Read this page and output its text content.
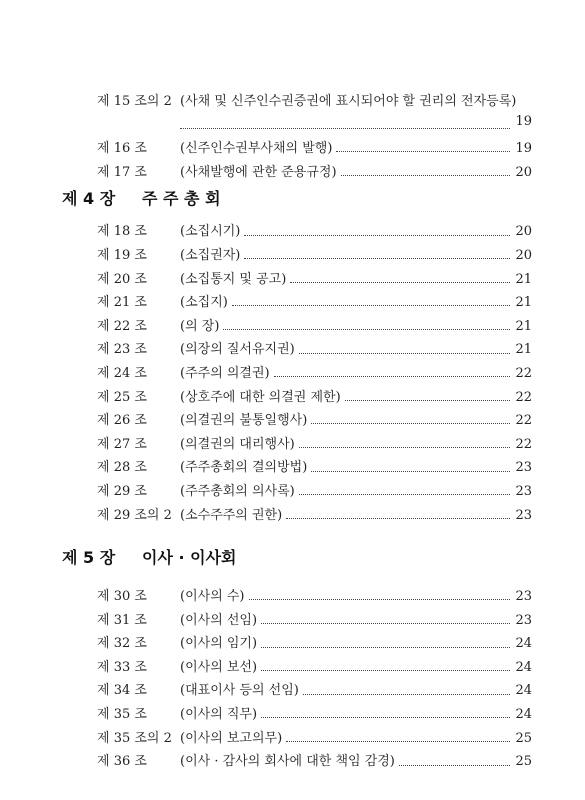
제 15 조의 2 (사채 및 신주인수권증권에 표시되어야 할 권리의 전자등록)
19
제 16 조	(신주인수권부사채의 발행)	19
제 17 조	(사채발행에 관한 준용규정)	20
제 4 장	주 주 총 회
제 18 조	(소집시기)	20
제 19 조	(소집권자)	20
제 20 조	(소집통지 및 공고)	21
제 21 조	(소집지)	21
제 22 조	(의 장)	21
제 23 조	(의장의 질서유지권)	21
제 24 조	(주주의 의결권)	22
제 25 조	(상호주에 대한 의결권 제한)	22
제 26 조	(의결권의 불통일행사)	22
제 27 조	(의결권의 대리행사)	22
제 28 조	(주주총회의 결의방법)	23
제 29 조	(주주총회의 의사록)	23
제 29 조의 2 (소수주주의 권한)	23
제 5 장	이사 · 이사회
제 30 조	(이사의 수)	23
제 31 조	(이사의 선임)	23
제 32 조	(이사의 임기)	24
제 33 조	(이사의 보선)	24
제 34 조	(대표이사 등의 선임)	24
제 35 조	(이사의 직무)	24
제 35 조의 2 (이사의 보고의무)	25
제 36 조	(이사 · 감사의 회사에 대한 책임 감경)	25
